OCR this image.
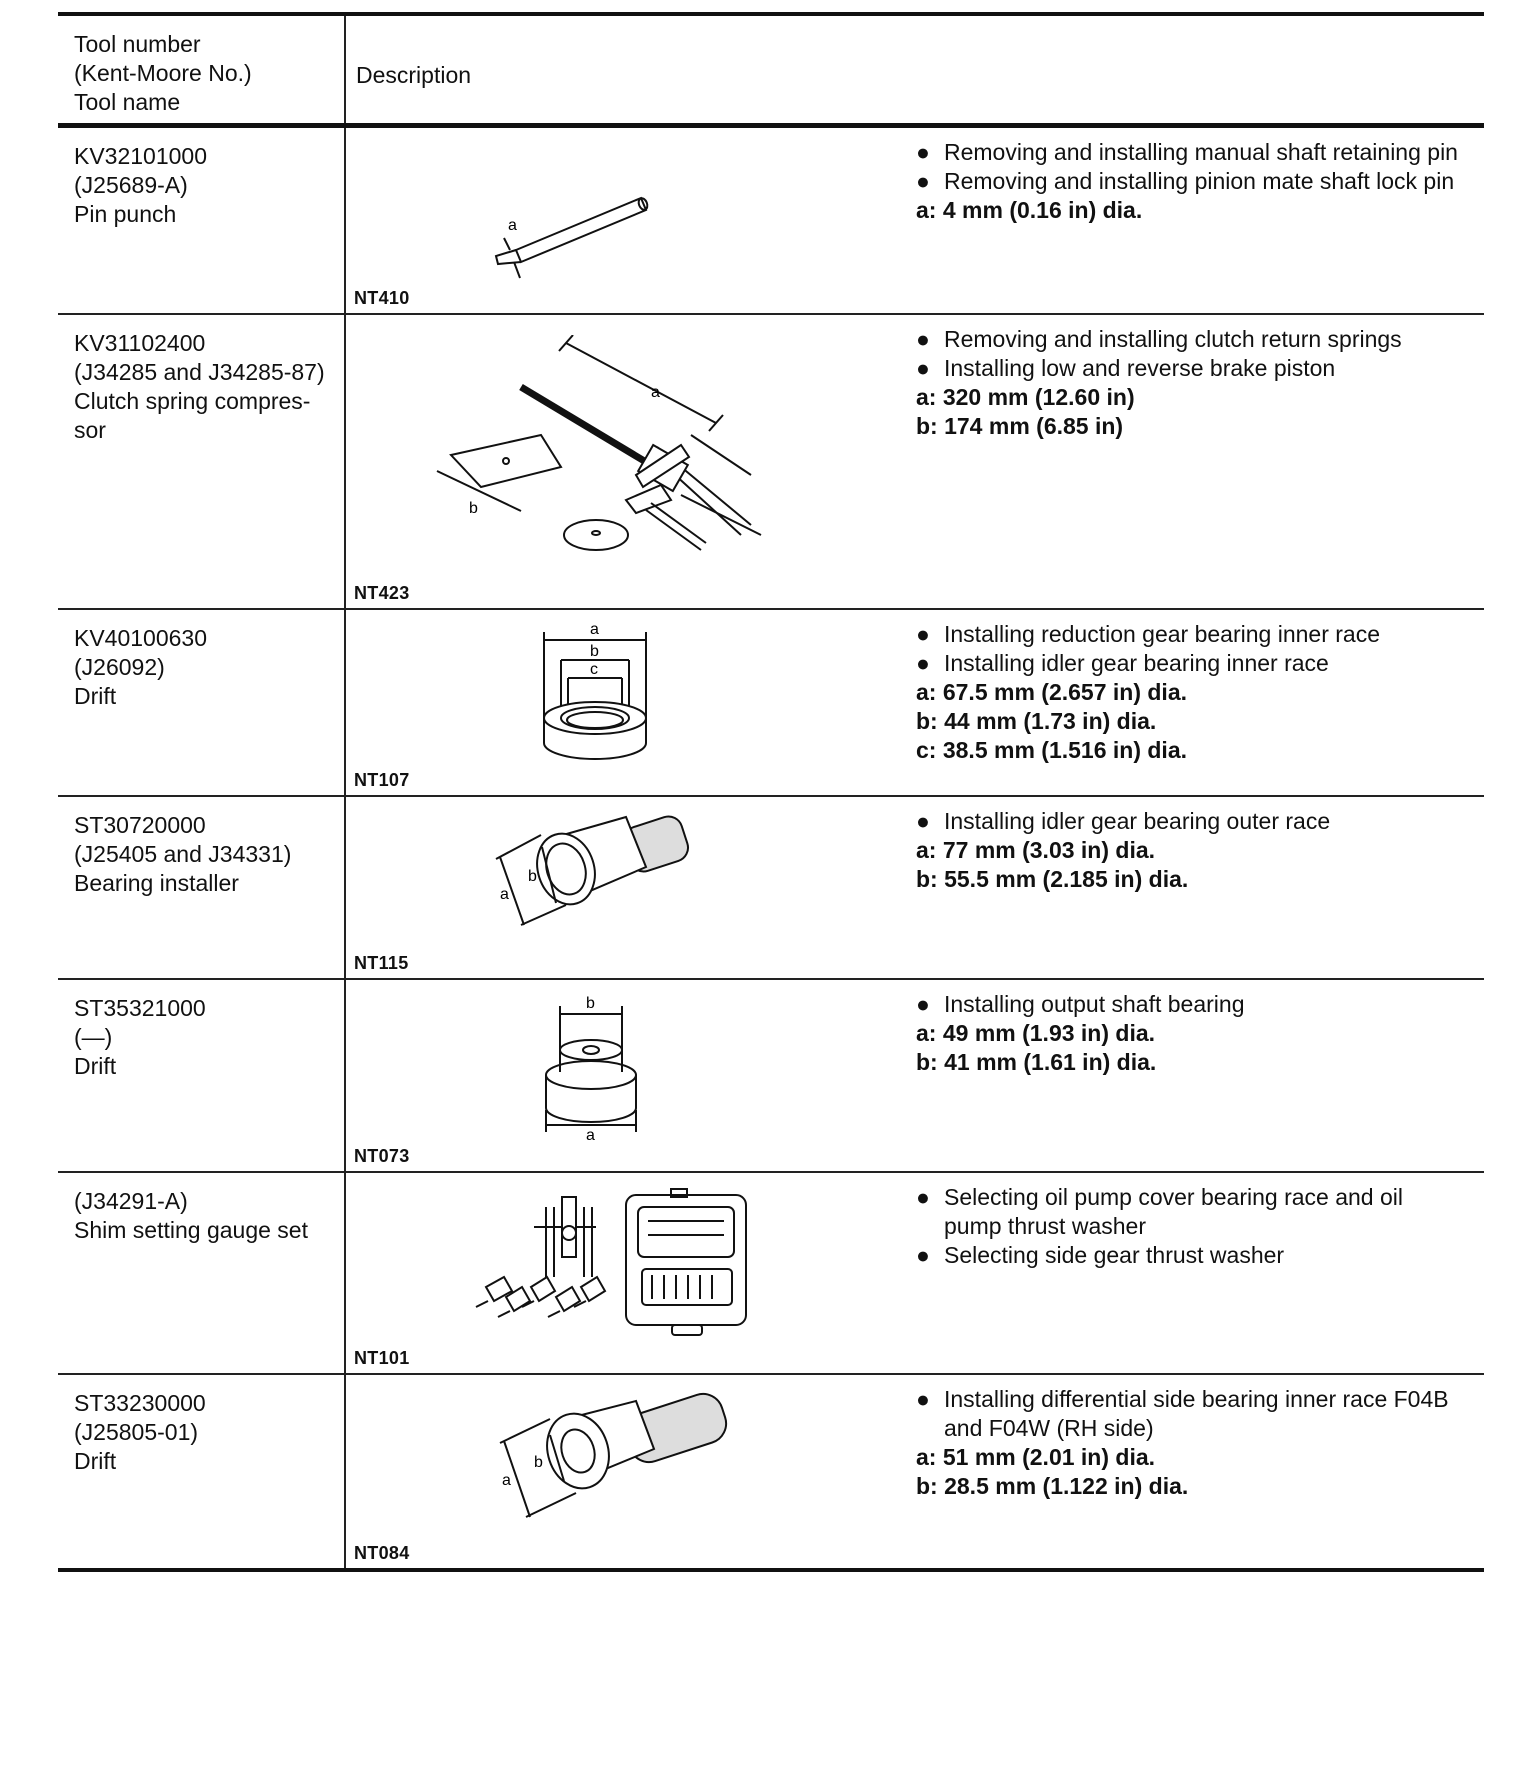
Tool number
(Kent-Moore No.)
Tool name
Description
KV32101000
(J25689-A)
Pin punch	a
NT410
● Removing and installing manual shaft retaining pin
● Removing and installing pinion mate shaft lock pin
a: 4 mm (0.16 in) dia.
KV31102400
(J34285 and J34285-87)
Clutch spring compres-
sor
a
b
NT423
● Removing and installing clutch return springs
● Installing low and reverse brake piston
a: 320 mm (12.60 in)
b: 174 mm (6.85 in)
KV40100630
(J26092)
Drift
a
b
c
NT107
● Installing reduction gear bearing inner race
● Installing idler gear bearing inner race
a: 67.5 mm (2.657 in) dia.
b: 44 mm (1.73 in) dia.
c: 38.5 mm (1.516 in) dia.
ST30720000
(J25405 and J34331)
Bearing installer	a
b
NT115
● Installing idler gear bearing outer race
a: 77 mm (3.03 in) dia.
b: 55.5 mm (2.185 in) dia.
ST35321000
(—)
Drift
b
a
NT073
● Installing output shaft bearing
a: 49 mm (1.93 in) dia.
b: 41 mm (1.61 in) dia.
(J34291-A)
Shim setting gauge set
NT101
● Selecting oil pump cover bearing race and oil pump thrust washer
● Selecting side gear thrust washer
ST33230000
(J25805-01)
Drift
a
b
NT084
● Installing differential side bearing inner race F04B and F04W (RH side)
a: 51 mm (2.01 in) dia.
b: 28.5 mm (1.122 in) dia.
